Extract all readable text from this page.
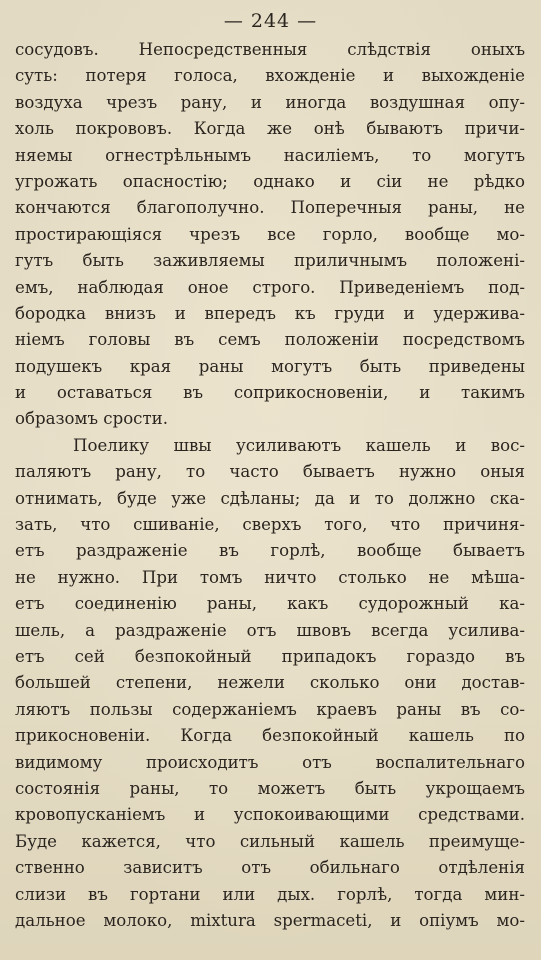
— 244 —
сосудовъ. Непосредственныя слѣдствія оныхъ
суть: потеря голоса, вхожденіе и выхожденіе
воздуха чрезъ рану, и иногда воздушная опу-
холь покрововъ. Когда же онѣ бываютъ причи-
няемы огнестрѣльнымъ насиліемъ, то могутъ
угрожать опасностію; однако и сіи не рѣдко
кончаются благополучно. Поперечныя раны, не
простирающіяся чрезъ все горло, вообще мо-
гутъ быть заживляемы приличнымъ положені-
емъ, наблюдая оное строго. Приведеніемъ под-
бородка внизъ и впередъ къ груди и удержива-
ніемъ головы въ семъ положеніи посредствомъ
подушекъ края раны могутъ быть приведены
и оставаться въ соприкосновеніи, и такимъ
образомъ срости.
Поелику швы усиливаютъ кашель и вос-
паляютъ рану, то часто бываетъ нужно оныя
отнимать, буде уже сдѣланы; да и то должно ска-
зать, что сшиваніе, сверхъ того, что причиня-
етъ раздраженіе въ горлѣ, вообще бываетъ
не нужно. При томъ ничто столько не мѣша-
етъ соединенію раны, какъ судорожный ка-
шель, а раздраженіе отъ швовъ всегда усилива-
етъ сей безпокойный припадокъ гораздо въ
большей степени, нежели сколько они достав-
ляютъ пользы содержаніемъ краевъ раны въ со-
прикосновеніи. Когда безпокойный кашель по
видимому происходитъ отъ воспалительнаго
состоянія раны, то можетъ быть укрощаемъ
кровопусканіемъ и успокоивающими средствами.
Буде кажется, что сильный кашель преимуще-
ственно зависитъ отъ обильнаго отдѣленія
слизи въ гортани или дых. горлѣ, тогда мин-
дальное молоко, mixtura spermaceti, и опіумъ мо-
